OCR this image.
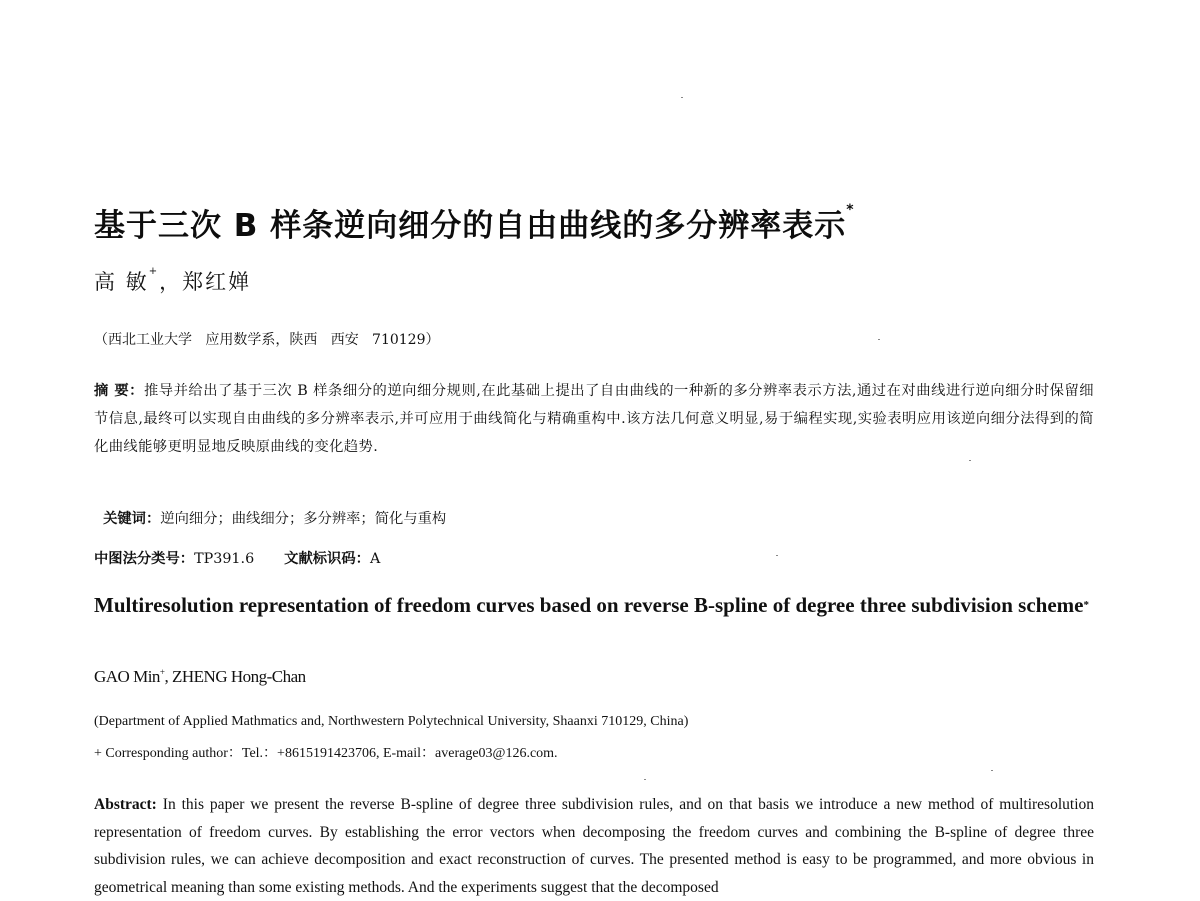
基于三次 B 样条逆向细分的自由曲线的多分辨率表示*
高 敏+，郑红婵
（西北工业大学   应用数学系，陕西   西安   710129）
摘 要：推导并给出了基于三次 B 样条细分的逆向细分规则,在此基础上提出了自由曲线的一种新的多分辨率表示方法,通过在对曲线进行逆向细分时保留细节信息,最终可以实现自由曲线的多分辨率表示,并可应用于曲线简化与精确重构中.该方法几何意义明显,易于编程实现,实验表明应用该逆向细分法得到的简化曲线能够更明显地反映原曲线的变化趋势.

关键词：逆向细分；曲线细分；多分辨率；简化与重构

中图法分类号：TP391.6 文献标识码：A
Multiresolution representation of freedom curves based on reverse B-spline of degree three subdivision scheme*
GAO Min+, ZHENG Hong-Chan
(Department of Applied Mathmatics and, Northwestern Polytechnical University, Shaanxi 710129, China)
+ Corresponding author：Tel.：+8615191423706, E-mail：average03@126.com.
Abstract: In this paper we present the reverse B-spline of degree three subdivision rules, and on that basis we introduce a new method of multiresolution representation of freedom curves. By establishing the error vectors when decomposing the freedom curves and combining the B-spline of degree three subdivision rules, we can achieve decomposition and exact reconstruction of curves. The presented method is easy to be programmed, and more obvious in geometrical meaning than some existing methods. And the experiments suggest that the decomposed
